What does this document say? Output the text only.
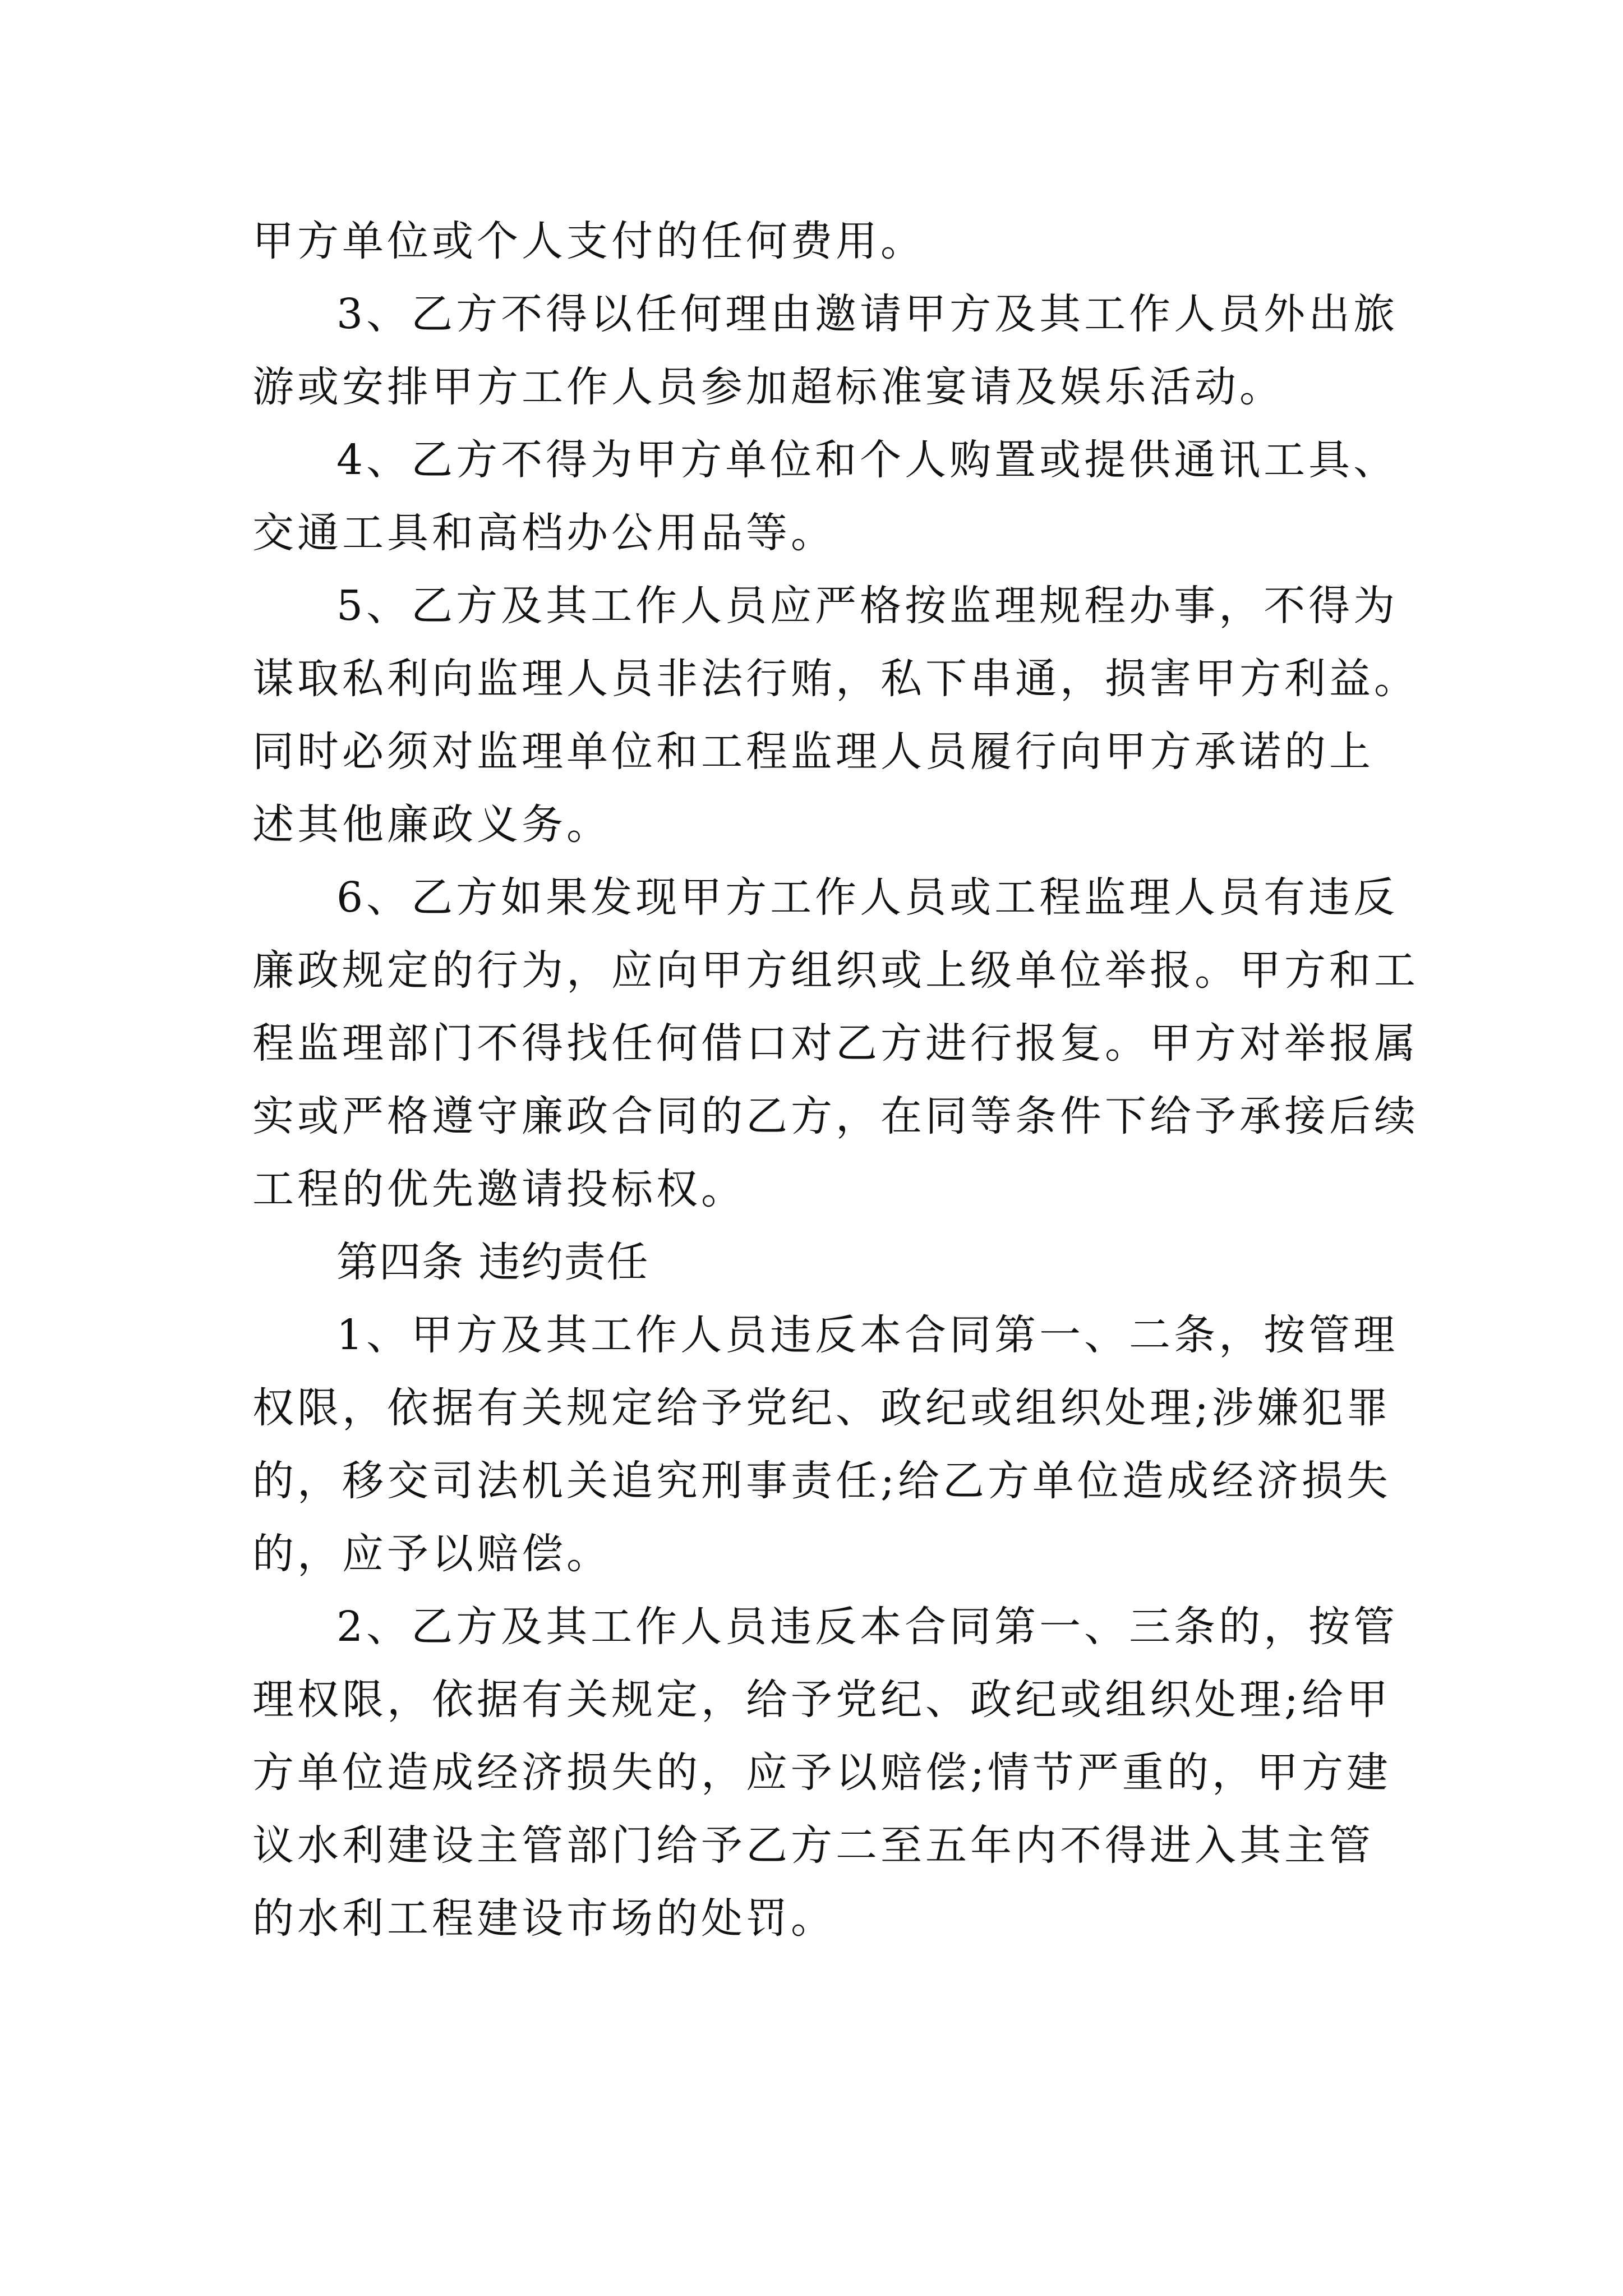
甲方单位或个人支付的任何费用。
3、乙方不得以任何理由邀请甲方及其工作人员外出旅
游或安排甲方工作人员参加超标准宴请及娱乐活动。
4、乙方不得为甲方单位和个人购置或提供通讯工具、
交通工具和高档办公用品等。
5、乙方及其工作人员应严格按监理规程办事，不得为
谋取私利向监理人员非法行贿，私下串通，损害甲方利益。
同时必须对监理单位和工程监理人员履行向甲方承诺的上
述其他廉政义务。
6、乙方如果发现甲方工作人员或工程监理人员有违反
廉政规定的行为，应向甲方组织或上级单位举报。甲方和工
程监理部门不得找任何借口对乙方进行报复。甲方对举报属
实或严格遵守廉政合同的乙方，在同等条件下给予承接后续
工程的优先邀请投标权。
第四条 违约责任
1、甲方及其工作人员违反本合同第一、二条，按管理
权限，依据有关规定给予党纪、政纪或组织处理;涉嫌犯罪
的，移交司法机关追究刑事责任;给乙方单位造成经济损失
的，应予以赔偿。
2、乙方及其工作人员违反本合同第一、三条的，按管
理权限，依据有关规定，给予党纪、政纪或组织处理;给甲
方单位造成经济损失的，应予以赔偿;情节严重的，甲方建
议水利建设主管部门给予乙方二至五年内不得进入其主管
的水利工程建设市场的处罚。
